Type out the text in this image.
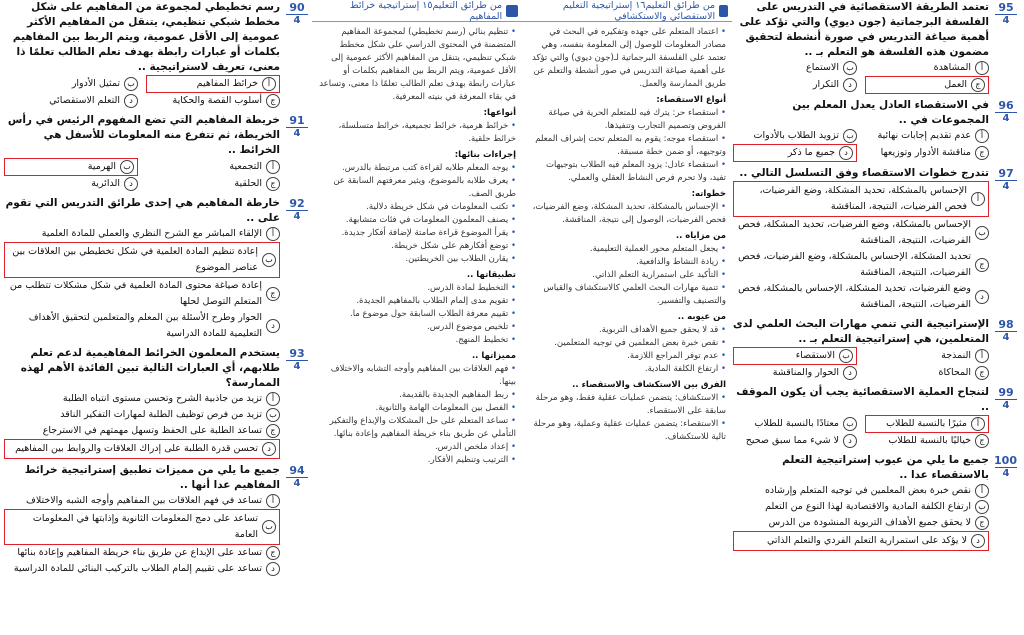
95
4
تعتمد الطريقة الاستقصائية في التدريس على الفلسفة البرجماتية (جون ديوي) والتي تؤكد على أهمية صياغة التدريس في صورة أنشطة لتحقيق مضمون هذه الفلسفة هو التعلم بـ ..
أ
المشاهدة
ب
الاستماع
ج
العمل
د
التكرار
96
4
في الاستقصاء العادل يعدل المعلم بين المجموعات في ..
أ
عدم تقديم إجابات نهائية
ب
تزويد الطلاب بالأدوات
ج
مناقشة الأدوار وتوزيعها
د
جميع ما ذكر
97
4
تتدرج خطوات الاستقصاء وفق التسلسل التالي ..
أ
الإحساس بالمشكلة، تحديد المشكلة، وضع الفرضيات، فحص الفرضيات، النتيجة، المناقشة
ب
الإحساس بالمشكلة، وضع الفرضيات، تحديد المشكلة، فحص الفرضيات، النتيجة، المناقشة
ج
تحديد المشكلة، الإحساس بالمشكلة، وضع الفرضيات، فحص الفرضيات، النتيجة، المناقشة
د
وضع الفرضيات، تحديد المشكلة، الإحساس بالمشكلة، فحص الفرضيات، النتيجة، المناقشة
98
4
الإستراتيجية التي تنمي مهارات البحث العلمي لدى المتعلمين، هي إستراتيجية التعلم بـ ..
أ
النمذجة
ب
الاستقصاء
ج
المحاكاة
د
الحوار والمناقشة
99
4
لتنجاح العملية الاستقصائية يجب أن يكون الموقف ..
أ
مثيرًا بالنسبة للطلاب
ب
معتادًا بالنسبة للطلاب
ج
خياليًا بالنسبة للطلاب
د
لا شيء مما سبق صحيح
100
4
جميع ما يلي من عيوب إستراتيجية التعلم بالاستقصاء عدا ..
أ
نقص خبرة بعض المعلمين في توجيه المتعلم وإرشاده
ب
ارتفاع الكلفة المادية والاقتصادية لهذا النوع من التعلم
ج
لا يحقق جميع الأهداف التربوية المنشودة من الدرس
د
لا يؤكد على استمرارية التعلم الفردي والتعلم الذاتي
من طرائق التعليم١٥ إستراتيجية خرائط المفاهيم
من طرائق التعليم١٦ إستراتيجية التعليم الاستقصائي والاستكشافي
• تنظيم بنائي (رسم تخطيطي) لمجموعة المفاهيم المتضمنة في المحتوى الدراسي على شكل مخطط شبكي تنظيمي، يتنقل من المفاهيم الأكثر عمومية إلى الأقل عمومية، ويتم الربط بين المفاهيم بكلمات أو عبارات رابطة بهدف تعلم الطالب تعلمًا ذا معنى، وتساعد في بقاء المعرفة في بنيته المعرفية.
أنواعها:
• خرائط هرمية، خرائط تجميعية، خرائط متسلسلة، خرائط حلقية.
إجراءات بنائها:
• يوجه المعلم طلابه لقراءة كتب مرتبطة بالدرس.
• يعرف طلابه بالموضوع، ويثير معرفتهم السابقة عن طريق الصف.
• تكتب المعلومات في شكل خريطة دلالية.
• يصنف المعلمون المعلومات في فئات متشابهة.
• يقرأ الموضوع قراءة صامتة لإضافة أفكار جديدة.
• توضع أفكارهم على شكل خريطة.
• يقارن الطلاب بين الخريطتين.
تطبيقاتها ..
• التخطيط لمادة الدرس.
• تقويم مدى إلمام الطلاب بالمفاهيم الجديدة.
• تقييم معرفة الطلاب السابقة حول موضوع ما.
• تلخيص موضوع الدرس.
• تخطيط المنهج.
مميزاتها ..
• فهم العلاقات بين المفاهيم وأوجه التشابه والاختلاف بينها.
• ربط المفاهيم الجديدة بالقديمة.
• الفصل بين المعلومات الهامة والثانوية.
• تساعد المتعلم على حل المشكلات والإبداع والتفكير التأملي عن طريق بناء خريطة المفاهيم وإعادة بنائها.
• إعداد ملخص الدرس.
• الترتيب وتنظيم الأفكار.
• اعتماد المتعلم على جهده وتفكيره في البحث في مصادر المعلومات للوصول إلى المعلومة بنفسه، وهي تعتمد على الفلسفة البرجماتية لـ(جون ديوي) والتي تؤكد على أهمية صياغة التدريس في صور أنشطة والتعلم عن طريق الممارسة والعمل.
أنواع الاستقصاء:
• استقصاء حر: يترك فيه للمتعلم الحرية في صياغة الفروض وتصميم التجارب وتنفيذها.
• استقصاء موجه: يقوم به المتعلم تحت إشراف المعلم وتوجيهه، أو ضمن خطة مسبقة.
• استقصاء عادل: يزود المعلم فيه الطلاب بتوجيهات تفيد، ولا تحرم فرص النشاط العقلي والعملي.
خطواته:
• الإحساس بالمشكلة، تحديد المشكلة، وضع الفرضيات، فحص الفرضيات، الوصول إلى نتيجة، المناقشة.
من مزاياه ..
• يجعل المتعلم محور العملية التعليمية.
• زيادة النشاط والدافعية.
• التأكيد على استمرارية التعلم الذاتي.
• تنمية مهارات البحث العلمي كالاستكشاف والقياس والتصنيف والتفسير.
من عيوبه ..
• قد لا يحقق جميع الأهداف التربوية.
• نقص خبرة بعض المعلمين في توجيه المتعلمين.
• عدم توفر المراجع اللازمة.
• ارتفاع الكلفة المادية.
الفرق بين الاستكشاف والاستقصاء ..
• الاستكشاف: يتضمن عمليات عقلية فقط، وهو مرحلة سابقة على الاستقصاء.
• الاستقصاء: يتضمن عمليات عقلية وعملية، وهو مرحلة تالية للاستكشاف.
90
4
رسم تخطيطي لمجموعة من المفاهيم على شكل مخطط شبكي تنظيمي، يتنقل من المفاهيم الأكثر عمومية إلى الأقل عمومية، ويتم الربط بين المفاهيم بكلمات أو عبارات رابطة بهدف تعلم الطالب تعلمًا ذا معنى، تعريف لاستراتيجية ..
أ
خرائط المفاهيم
ب
تمثيل الأدوار
ج
أسلوب القصة والحكاية
د
التعلم الاستقصائي
91
4
خريطة المفاهيم التي تضع المفهوم الرئيس في رأس الخريطة، ثم تتفرع منه المعلومات للأسفل هي الخرائط ..
أ
التجمعية
ب
الهرمية
ج
الحلقية
د
الدائرية
92
4
خارطة المفاهيم هي إحدى طرائق التدريس التي تقوم على ..
أ
الإلقاء المباشر مع الشرح النظري والعملي للمادة العلمية
ب
إعادة تنظيم المادة العلمية في شكل تخطيطي بين العلاقات بين عناصر الموضوع
ج
إعادة صياغة محتوى المادة العلمية في شكل مشكلات تتطلب من المتعلم التوصل لحلها
د
الحوار وطرح الأسئلة بين المعلم والمتعلمين لتحقيق الأهداف التعليمية للمادة الدراسية
93
4
يستخدم المعلمون الخرائط المفاهيمية لدعم تعلم طلابهم، أي العبارات التالية تبين الفائدة الأهم لهذه الممارسة؟
أ
تزيد من جاذبية الشرح وتحسن مستوى انتباه الطلبة
ب
تزيد من فرص توظيف الطلبة لمهارات التفكير الناقد
ج
تساعد الطلبة على الحفظ وتسهل مهمتهم في الاسترجاع
د
تحسن قدرة الطلبة على إدراك العلاقات والروابط بين المفاهيم
94
4
جميع ما يلي من مميزات تطبيق إستراتيجية خرائط المفاهيم عدا أنها ..
أ
تساعد في فهم العلاقات بين المفاهيم وأوجه الشبه والاختلاف
ب
تساعد على دمج المعلومات الثانوية وإذابتها في المعلومات العامة
ج
تساعد على الإبداع عن طريق بناء خريطة المفاهيم وإعادة بنائها
د
تساعد على تقييم إلمام الطلاب بالتركيب البنائي للمادة الدراسية
